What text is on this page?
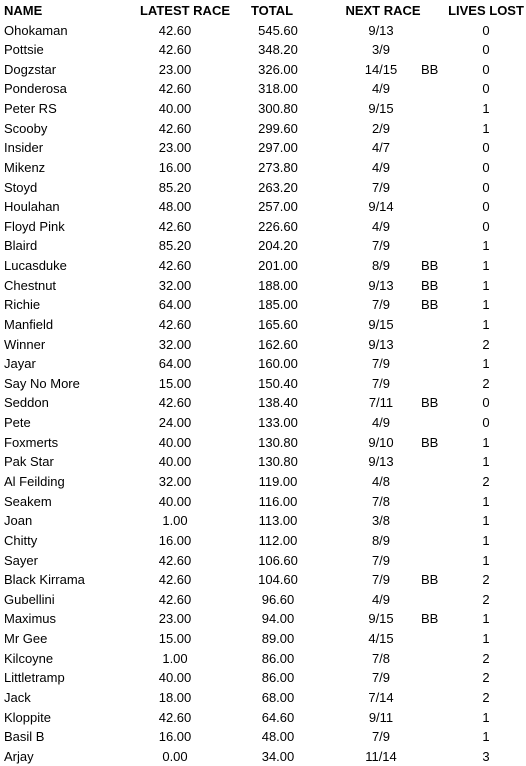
NAME	LATEST RACE	TOTAL	NEXT RACE	LIVES LOST
Ohokaman	42.60	545.60	9/13	0
Pottsie	42.60	348.20	3/9	0
Dogzstar	23.00	326.00	14/15	BB	0
Ponderosa	42.60	318.00	4/9	0
Peter RS	40.00	300.80	9/15	1
Scooby	42.60	299.60	2/9	1
Insider	23.00	297.00	4/7	0
Mikenz	16.00	273.80	4/9	0
Stoyd	85.20	263.20	7/9	0
Houlahan	48.00	257.00	9/14	0
Floyd Pink	42.60	226.60	4/9	0
Blaird	85.20	204.20	7/9	1
Lucasduke	42.60	201.00	8/9	BB	1
Chestnut	32.00	188.00	9/13	BB	1
Richie	64.00	185.00	7/9	BB	1
Manfield	42.60	165.60	9/15	1
Winner	32.00	162.60	9/13	2
Jayar	64.00	160.00	7/9	1
Say No More	15.00	150.40	7/9	2
Seddon	42.60	138.40	7/11	BB	0
Pete	24.00	133.00	4/9	0
Foxmerts	40.00	130.80	9/10	BB	1
Pak Star	40.00	130.80	9/13	1
Al Feilding	32.00	119.00	4/8	2
Seakem	40.00	116.00	7/8	1
Joan	1.00	113.00	3/8	1
Chitty	16.00	112.00	8/9	1
Sayer	42.60	106.60	7/9	1
Black Kirrama	42.60	104.60	7/9	BB	2
Gubellini	42.60	96.60	4/9	2
Maximus	23.00	94.00	9/15	BB	1
Mr Gee	15.00	89.00	4/15	1
Kilcoyne	1.00	86.00	7/8	2
Littletramp	40.00	86.00	7/9	2
Jack	18.00	68.00	7/14	2
Kloppite	42.60	64.60	9/11	1
Basil B	16.00	48.00	7/9	1
Arjay	0.00	34.00	11/14	3
